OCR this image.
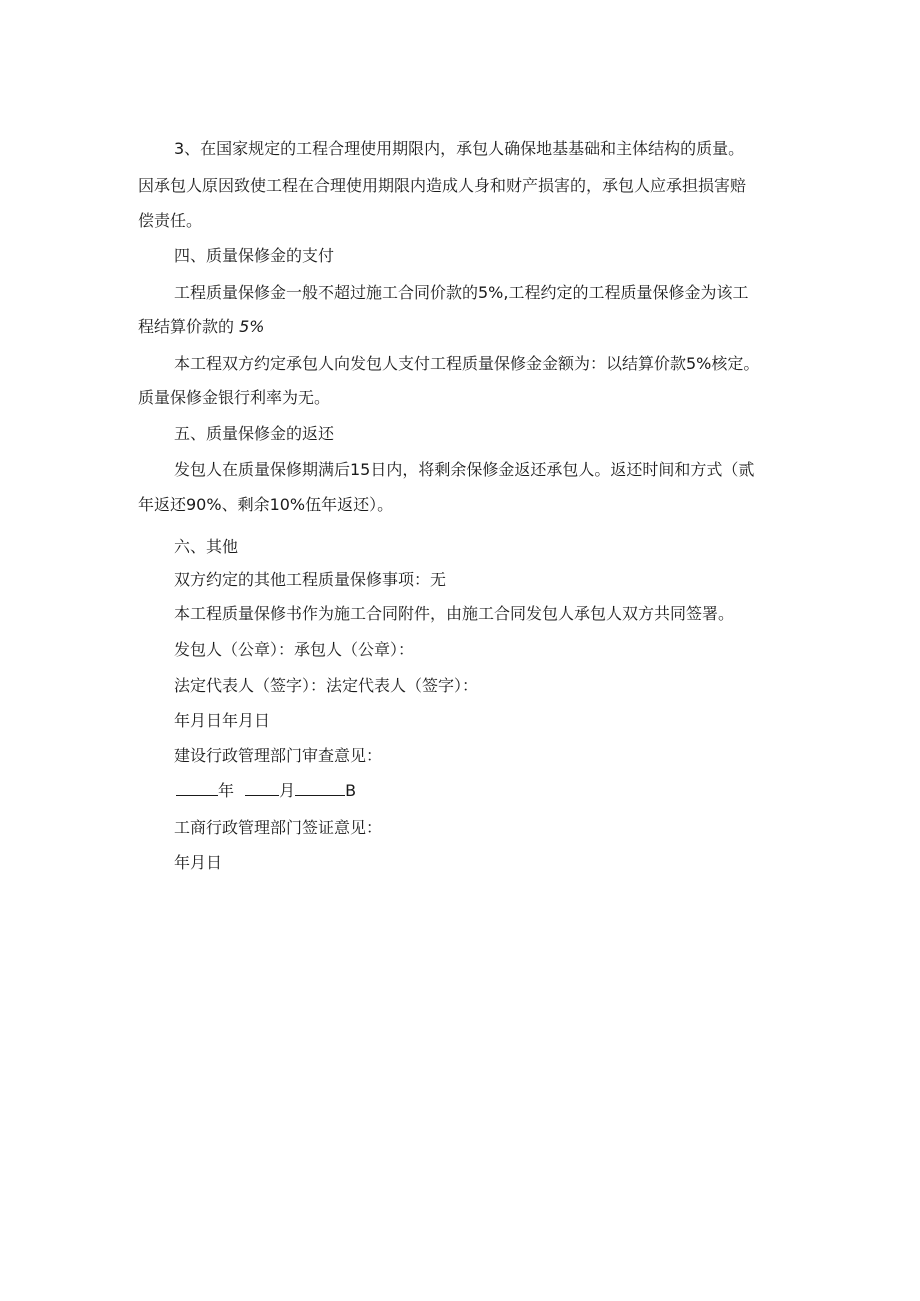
3、在国家规定的工程合理使用期限内，承包人确保地基基础和主体结构的质量。
因承包人原因致使工程在合理使用期限内造成人身和财产损害的，承包人应承担损害赔
偿责任。
四、质量保修金的支付
工程质量保修金一般不超过施工合同价款的5%,工程约定的工程质量保修金为该工
程结算价款的 5%
本工程双方约定承包人向发包人支付工程质量保修金金额为：以结算价款5%核定。
质量保修金银行利率为无。
五、质量保修金的返还
发包人在质量保修期满后15日内，将剩余保修金返还承包人。返还时间和方式（贰
年返还90%、剩余10%伍年返还）。
六、其他
双方约定的其他工程质量保修事项：无
本工程质量保修书作为施工合同附件，由施工合同发包人承包人双方共同签署。
发包人（公章）：承包人（公章）：
法定代表人（签字）：法定代表人（签字）：
年月日年月日
建设行政管理部门审查意见：
年	月	B
工商行政管理部门签证意见：
年月日
